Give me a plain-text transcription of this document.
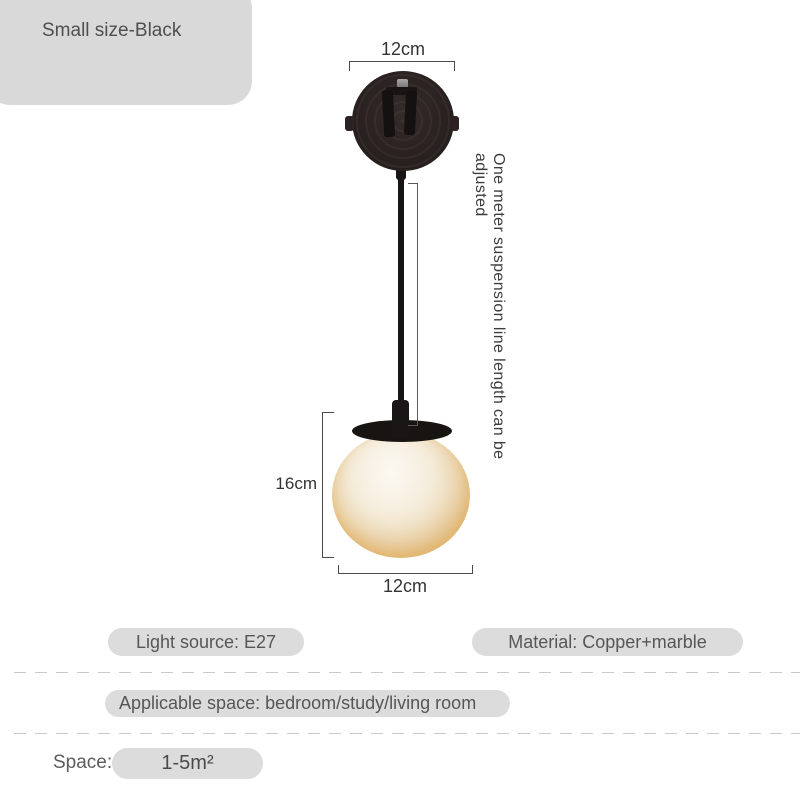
Small size-Black
12cm
One meter suspension line length can be adjusted
16cm
12cm
Light source: E27	Material: Copper+marble
Applicable space: bedroom/study/living room
Space:	1-5m²
